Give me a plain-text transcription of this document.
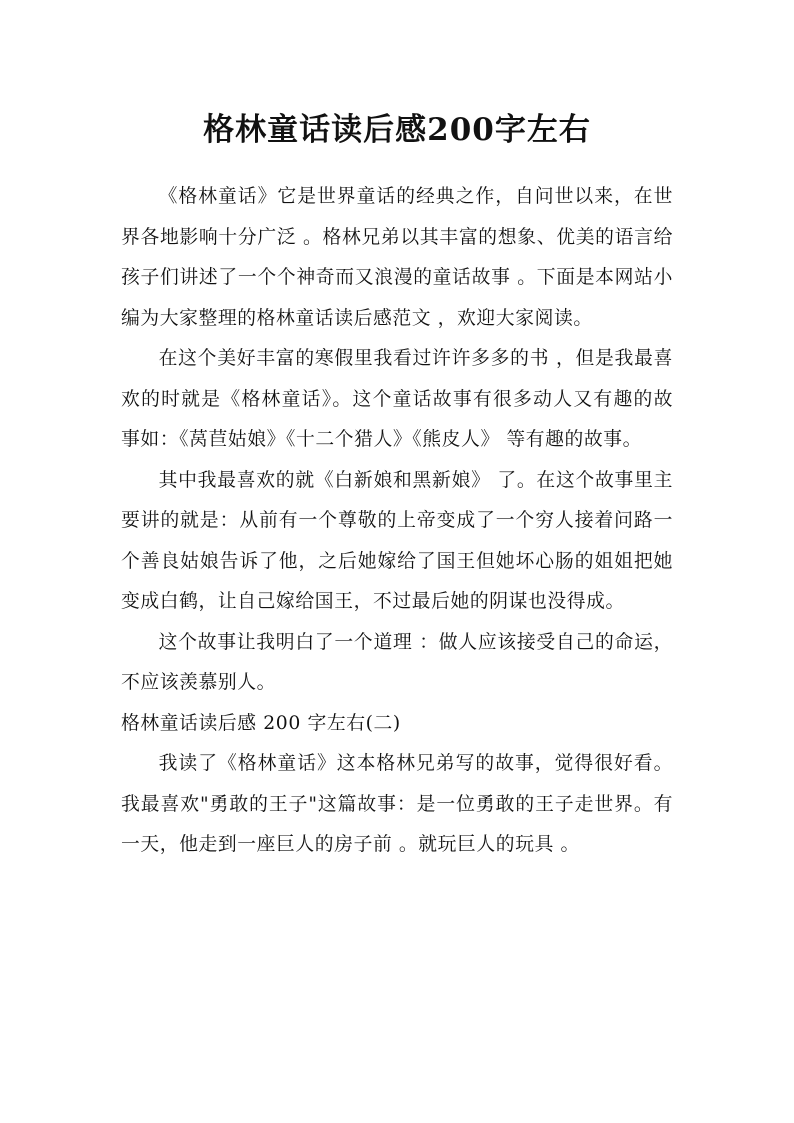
格林童话读后感200字左右

《格林童话》它是世界童话的经典之作，自问世以来，在世界各地影响十分广泛 。格林兄弟以其丰富的想象、优美的语言给孩子们讲述了一个个神奇而又浪漫的童话故事 。下面是本网站小编为大家整理的格林童话读后感范文 ，欢迎大家阅读。

在这个美好丰富的寒假里我看过许许多多的书 ，但是我最喜欢的时就是《格林童话》。这个童话故事有很多动人又有趣的故事如：《莴苣姑娘》《十二个猎人》《熊皮人》 等有趣的故事。

其中我最喜欢的就《白新娘和黑新娘》 了。在这个故事里主要讲的就是：从前有一个尊敬的上帝变成了一个穷人接着问路一个善良姑娘告诉了他，之后她嫁给了国王但她坏心肠的姐姐把她变成白鹤，让自己嫁给国王，不过最后她的阴谋也没得成。

这个故事让我明白了一个道理 ：做人应该接受自己的命运，不应该羡慕别人。

格林童话读后感 200 字左右(二)

我读了《格林童话》这本格林兄弟写的故事，觉得很好看。我最喜欢"勇敢的王子"这篇故事：是一位勇敢的王子走世界。有一天，他走到一座巨人的房子前 。就玩巨人的玩具 。
